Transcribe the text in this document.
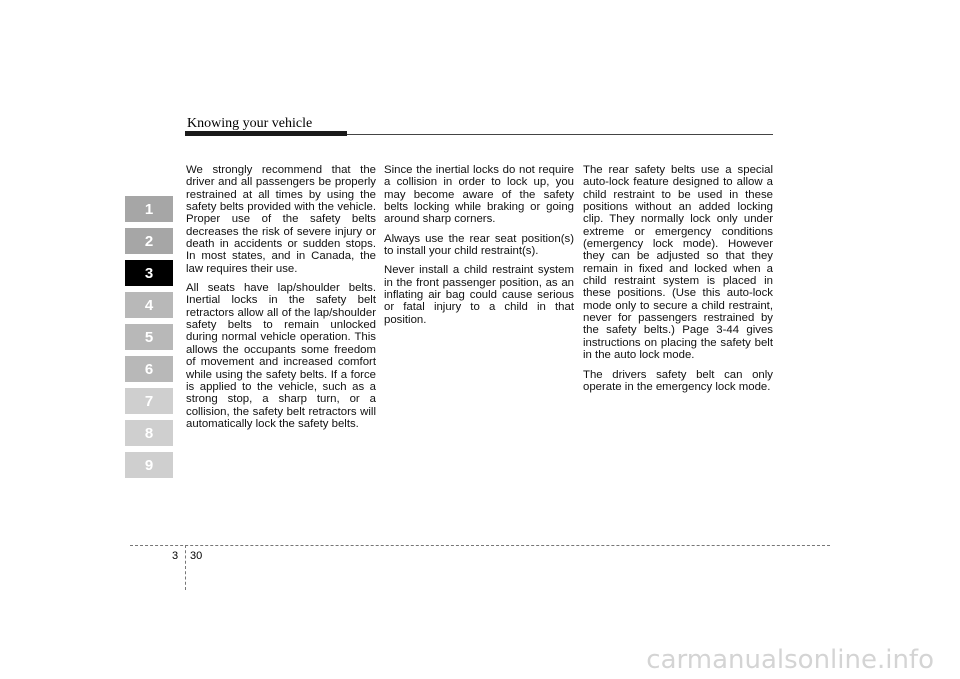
Knowing your vehicle
1
2
3
4
5
6
7
8
9

We strongly recommend that the driver and all passengers be properly restrained at all times by using the safety belts provided with the vehicle. Proper use of the safety belts decreases the risk of severe injury or death in accidents or sudden stops. In most states, and in Canada, the law requires their use.

All seats have lap/shoulder belts. Inertial locks in the safety belt retractors allow all of the lap/shoulder safety belts to remain unlocked during normal vehicle operation. This allows the occupants some freedom of movement and increased comfort while using the safety belts. If a force is applied to the vehicle, such as a strong stop, a sharp turn, or a collision, the safety belt retractors will automatically lock the safety belts.

Since the inertial locks do not require a collision in order to lock up, you may become aware of the safety belts locking while braking or going around sharp corners.

Always use the rear seat position(s) to install your child restraint(s).

Never install a child restraint system in the front passenger position, as an inflating air bag could cause serious or fatal injury to a child in that position.

The rear safety belts use a special auto-lock feature designed to allow a child restraint to be used in these positions without an added locking clip. They normally lock only under extreme or emergency conditions (emergency lock mode). However they can be adjusted so that they remain in fixed and locked when a child restraint system is placed in these positions. (Use this auto-lock mode only to secure a child restraint, never for passengers restrained by the safety belts.) Page 3-44 gives instructions on placing the safety belt in the auto lock mode.

The drivers safety belt can only operate in the emergency lock mode.

3 30
carmanualsonline.info
